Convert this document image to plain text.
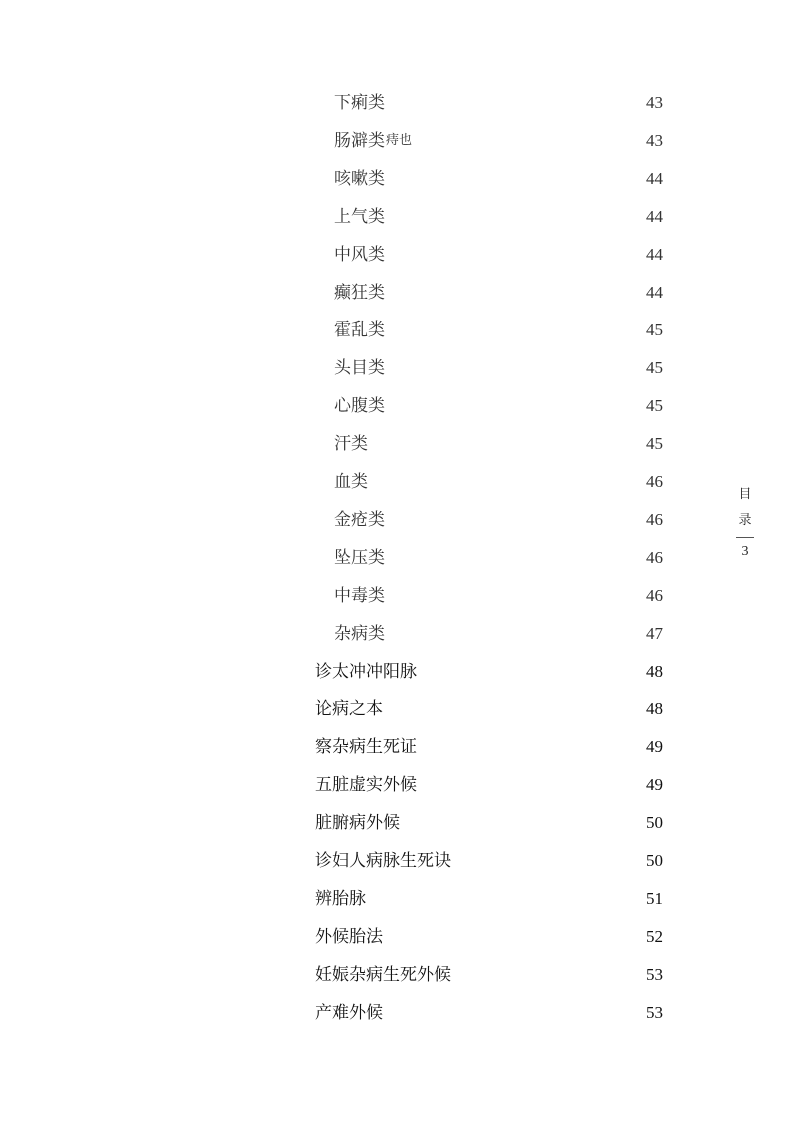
下痢类	43
肠澼类 痔也	43
咳嗽类	44
上气类	44
中风类	44
癫狂类	44
霍乱类	45
头目类	45
心腹类	45
汗类	45
血类	46
金疮类	46
坠压类	46
中毒类	46
杂病类	47
诊太冲冲阳脉	48
论病之本	48
察杂病生死证	49
五脏虚实外候	49
脏腑病外候	50
诊妇人病脉生死诀	50
辨胎脉	51
外候胎法	52
妊娠杂病生死外候	53
产难外候	53
目
录
3
